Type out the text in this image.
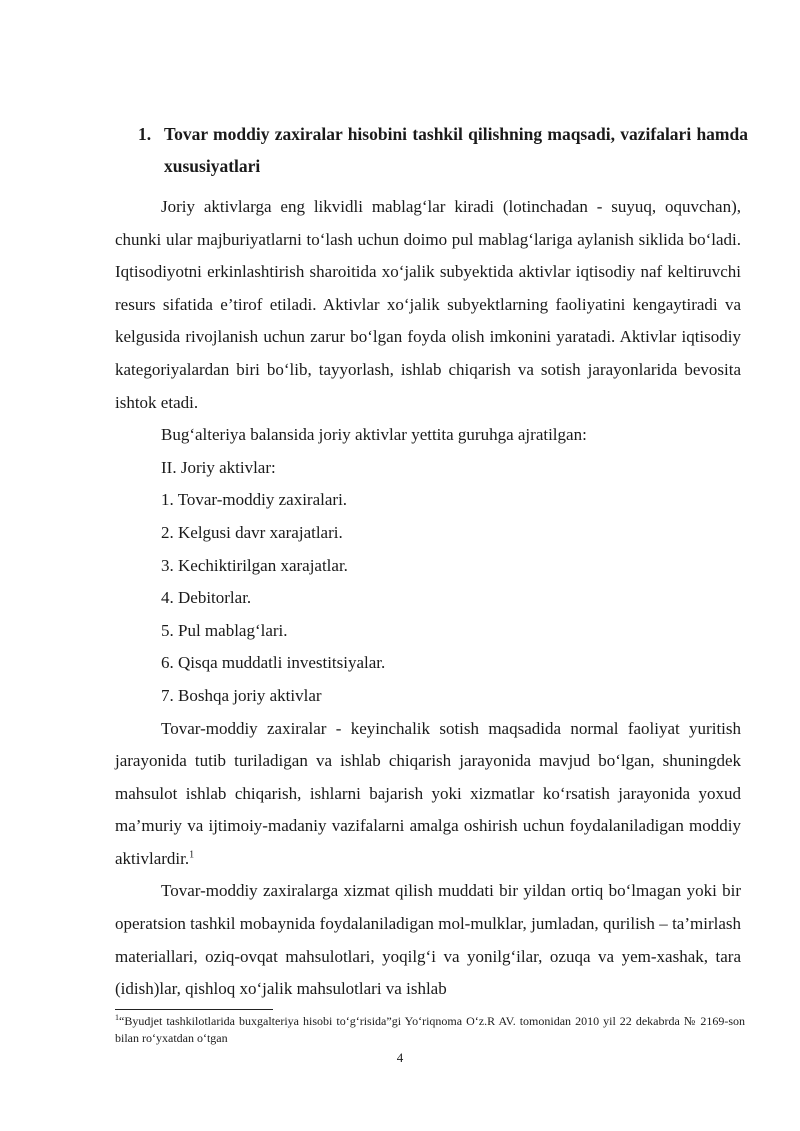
1. Tovar moddiy zaxiralar hisobini tashkil qilishning maqsadi, vazifalari hamda xususiyatlari

Joriy aktivlarga eng likvidli mablag‘lar kiradi (lotinchadan - suyuq, oquvchan), chunki ular majburiyatlarni to‘lash uchun doimo pul mablag‘lariga aylanish siklida bo‘ladi. Iqtisodiyotni erkinlashtirish sharoitida xo‘jalik subyektida aktivlar iqtisodiy naf keltiruvchi resurs sifatida e’tirof etiladi. Aktivlar xo‘jalik subyektlarning faoliyatini kengaytiradi va kelgusida rivojlanish uchun zarur bo‘lgan foyda olish imkonini yaratadi. Aktivlar iqtisodiy kategoriyalardan biri bo‘lib, tayyorlash, ishlab chiqarish va sotish jarayonlarida bevosita ishtok etadi.

Bug‘alteriya balansida joriy aktivlar yettita guruhga ajratilgan:

II. Joriy aktivlar:

1. Tovar-moddiy zaxiralari.

2. Kelgusi davr xarajatlari.

3. Kechiktirilgan xarajatlar.

4. Debitorlar.

5. Pul mablag‘lari.

6. Qisqa muddatli investitsiyalar.

7. Boshqa joriy aktivlar

Tovar-moddiy zaxiralar - keyinchalik sotish maqsadida normal faoliyat yuritish jarayonida tutib turiladigan va ishlab chiqarish jarayonida mavjud bo‘lgan, shuningdek mahsulot ishlab chiqarish, ishlarni bajarish yoki xizmatlar ko‘rsatish jarayonida yoxud ma’muriy va ijtimoiy-madaniy vazifalarni amalga oshirish uchun foydalaniladigan moddiy aktivlardir.$^1$

Tovar-moddiy zaxiralarga xizmat qilish muddati bir yildan ortiq bo‘lmagan yoki bir operatsion tashkil mobaynida foydalaniladigan mol-mulklar, jumladan, qurilish – ta’mirlash materiallari, oziq-ovqat mahsulotlari, yoqilg‘i va yonilg‘ilar, ozuqa va yem-xashak, tara (idish)lar, qishloq xo‘jalik mahsulotlari va ishlab

$^1$“Byudjet tashkilotlarida buxgalteriya hisobi to‘g‘risida”gi Yo‘riqnoma O‘z.R AV. tomonidan 2010 yil 22 dekabrda № 2169-son bilan ro‘yxatdan o‘tgan
4
